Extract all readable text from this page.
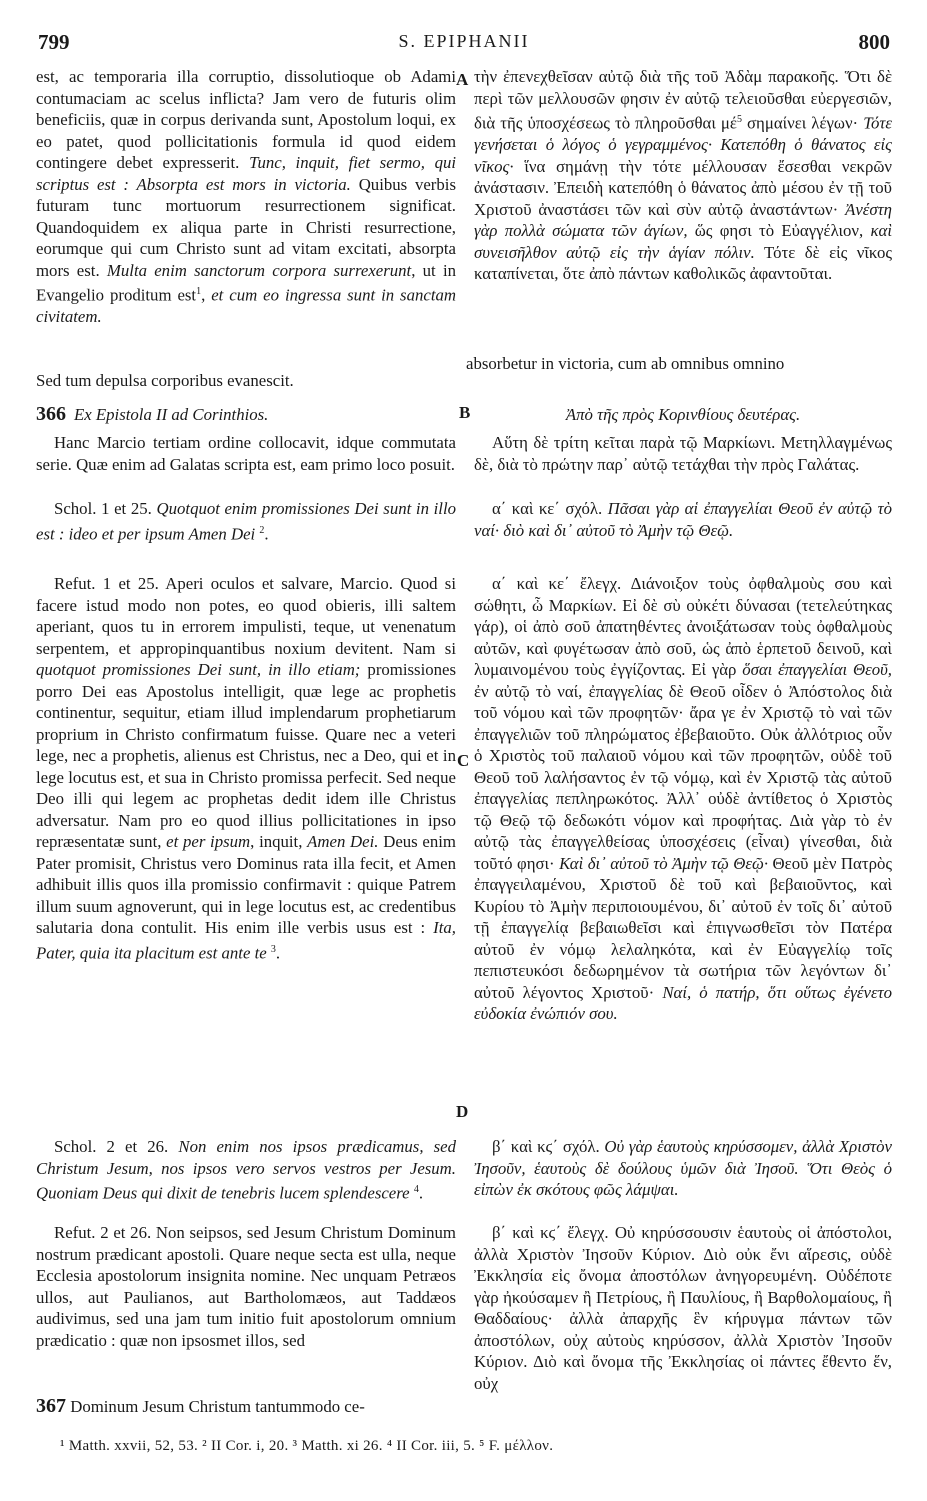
799	S. EPIPHANII	800
A
B
C
D

est, ac temporaria illa corruptio, dissolutioque ob Adami contumaciam ac scelus inflicta? Jam vero de futuris olim beneficiis, quæ in corpus derivanda sunt, Apostolum loqui, ex eo patet, quod pollicitationis formula id quod eidem contingere debet expresserit. Tunc, inquit, fiet sermo, qui scriptus est : Absorpta est mors in victoria. Quibus verbis futuram tunc mortuorum resurrectionem significat. Quandoquidem ex aliqua parte in Christi resurrectione, eorumque qui cum Christo sunt ad vitam excitati, absorpta mors est. Multa enim sanctorum corpora surrexerunt, ut in Evangelio proditum est$^1$, et cum eo ingressa sunt in sanctam civitatem.

Sed tum depulsa corporibus evanescit.

366 Ex Epistola II ad Corinthios.

Hanc Marcio tertiam ordine collocavit, idque commutata serie. Quæ enim ad Galatas scripta est, eam primo loco posuit.

Schol. 1 et 25. Quotquot enim promissiones Dei sunt in illo est : ideo et per ipsum Amen Dei $^2$.

Refut. 1 et 25. Aperi oculos et salvare, Marcio. Quod si facere istud modo non potes, eo quod obieris, illi saltem aperiant, quos tu in errorem impulisti, teque, ut venenatum serpentem, et appropinquantibus noxium devitent. Nam si quotquot promissiones Dei sunt, in illo etiam; promissiones porro Dei eas Apostolus intelligit, quæ lege ac prophetis continentur, sequitur, etiam illud implendarum prophetiarum proprium in Christo confirmatum fuisse. Quare nec a veteri lege, nec a prophetis, alienus est Christus, nec a Deo, qui et in lege locutus est, et sua in Christo promissa perfecit. Sed neque Deo illi qui legem ac prophetas dedit idem ille Christus adversatur. Nam pro eo quod illius pollicitationes in ipso repræsentatæ sunt, et per ipsum, inquit, Amen Dei. Deus enim Pater promisit, Christus vero Dominus rata illa fecit, et Amen adhibuit illis quos illa promissio confirmavit : quique Patrem illum suum agnoverunt, qui in lege locutus est, ac credentibus salutaria dona contulit. His enim ille verbis usus est : Ita, Pater, quia ita placitum est ante te $^3$.

Schol. 2 et 26. Non enim nos ipsos prædicamus, sed Christum Jesum, nos ipsos vero servos vestros per Jesum. Quoniam Deus qui dixit de tenebris lucem splendescere $^4$.

Refut. 2 et 26. Non seipsos, sed Jesum Christum Dominum nostrum prædicant apostoli. Quare neque secta est ulla, neque Ecclesia apostolorum insignita nomine. Nec unquam Petræos ullos, aut Paulianos, aut Bartholomæos, aut Taddæos audivimus, sed una jam tum initio fuit apostolorum omnium prædicatio : quæ non ipsosmet illos, sed

367 Dominum Jesum Christum tantummodo ce-

τὴν ἐπενεχθεῖσαν αὐτῷ διὰ τῆς τοῦ Ἀδὰμ παρακοῆς. Ὅτι δὲ περὶ τῶν μελλουσῶν φησιν ἐν αὐτῷ τελειοῦσθαι εὐεργεσιῶν, διὰ τῆς ὑποσχέσεως τὸ πληροῦσθαι $\mu έ^5$ σημαίνει λέγων· Τότε γενήσεται ὁ λόγος ὁ γεγραμμένος· Κατεπόθη ὁ θάνατος εἰς νῖκος· ἵνα σημάνῃ τὴν τότε μέλλουσαν ἔσεσθαι νεκρῶν ἀνάστασιν. Ἐπειδὴ κατεπόθη ὁ θάνατος ἀπὸ μέσου ἐν τῇ τοῦ Χριστοῦ ἀναστάσει τῶν καὶ σὺν αὐτῷ ἀναστάντων· Ἀνέστη γὰρ πολλὰ σώματα τῶν ἁγίων, ὥς φησι τὸ Εὐαγγέλιον, καὶ συνεισῆλθον αὐτῷ εἰς τὴν ἁγίαν πόλιν. Τότε δὲ εἰς νῖκος καταπίνεται, ὅτε ἀπὸ πάντων καθολικῶς ἀφαντοῦται.

Ἀπὸ τῆς πρὸς Κορινθίους δευτέρας.

Αὕτη δὲ τρίτη κεῖται παρὰ τῷ Μαρκίωνι. Μετηλλαγμένως δὲ, διὰ τὸ πρώτην παρ᾽ αὐτῷ τετάχθαι τὴν πρὸς Γαλάτας.

α΄ καὶ κε΄ σχόλ. Πᾶσαι γὰρ αἱ ἐπαγγελίαι Θεοῦ ἐν αὐτῷ τὸ ναί· διὸ καὶ δι᾽ αὐτοῦ τὸ Ἀμὴν τῷ Θεῷ.

α΄ καὶ κε΄ ἔλεγχ. Διάνοιξον τοὺς ὀφθαλμοὺς σου καὶ σώθητι, ὦ Μαρκίων. Εἰ δὲ σὺ οὐκέτι δύνασαι (τετελεύτηκας γάρ), οἱ ἀπὸ σοῦ ἀπατηθέντες ἀνοιξάτωσαν τοὺς ὀφθαλμοὺς αὐτῶν, καὶ φυγέτωσαν ἀπὸ σοῦ, ὡς ἀπὸ ἑρπετοῦ δεινοῦ, καὶ λυμαινομένου τοὺς ἐγγίζοντας. Εἰ γὰρ ὅσαι ἐπαγγελίαι Θεοῦ, ἐν αὐτῷ τὸ ναί, ἐπαγγελίας δὲ Θεοῦ οἶδεν ὁ Ἀπόστολος διὰ τοῦ νόμου καὶ τῶν προφητῶν· ἄρα γε ἐν Χριστῷ τὸ ναὶ τῶν ἐπαγγελιῶν τοῦ πληρώματος ἐβεβαιοῦτο. Οὐκ ἀλλότριος οὖν ὁ Χριστὸς τοῦ παλαιοῦ νόμου καὶ τῶν προφητῶν, οὐδὲ τοῦ Θεοῦ τοῦ λαλήσαντος ἐν τῷ νόμῳ, καὶ ἐν Χριστῷ τὰς αὐτοῦ ἐπαγγελίας πεπληρωκότος. Ἀλλ᾽ οὐδὲ ἀντίθετος ὁ Χριστὸς τῷ Θεῷ τῷ δεδωκότι νόμον καὶ προφήτας. Διὰ γὰρ τὸ ἐν αὐτῷ τὰς ἐπαγγελθείσας ὑποσχέσεις (εἶναι) γίνεσθαι, διὰ τοῦτό φησι· Καὶ δι᾽ αὐτοῦ τὸ Ἀμὴν τῷ Θεῷ· Θεοῦ μὲν Πατρὸς ἐπαγγειλαμένου, Χριστοῦ δὲ τοῦ καὶ βεβαιοῦντος, καὶ Κυρίου τὸ Ἀμὴν περιποιουμένου, δι᾽ αὐτοῦ ἐν τοῖς δι᾽ αὐτοῦ τῇ ἐπαγγελίᾳ βεβαιωθεῖσι καὶ ἐπιγνωσθεῖσι τὸν Πατέρα αὐτοῦ ἐν νόμῳ λελαληκότα, καὶ ἐν Εὐαγγελίῳ τοῖς πεπιστευκόσι δεδωρημένον τὰ σωτήρια τῶν λεγόντων δι᾽ αὐτοῦ λέγοντος Χριστοῦ· Ναί, ὁ πατήρ, ὅτι οὕτως ἐγένετο εὐδοκία ἐνώπιόν σου.

β΄ καὶ κϛ΄ σχόλ. Οὐ γὰρ ἑαυτοὺς κηρύσσομεν, ἀλλὰ Χριστὸν Ἰησοῦν, ἑαυτοὺς δὲ δούλους ὑμῶν διὰ Ἰησοῦ. Ὅτι Θεὸς ὁ εἰπὼν ἐκ σκότους φῶς λάμψαι.

β΄ καὶ κϛ΄ ἔλεγχ. Οὐ κηρύσσουσιν ἑαυτοὺς οἱ ἀπόστολοι, ἀλλὰ Χριστὸν Ἰησοῦν Κύριον. Διὸ οὐκ ἔνι αἵρεσις, οὐδὲ Ἐκκλησία εἰς ὄνομα ἀποστόλων ἀνηγορευμένη. Οὐδέποτε γὰρ ἠκούσαμεν ἢ Πετρίους, ἢ Παυλίους, ἢ Βαρθολομαίους, ἢ Θαδδαίους· ἀλλὰ ἀπαρχῆς ἓν κήρυγμα πάντων τῶν ἀποστόλων, οὐχ αὐτοὺς κηρύσσον, ἀλλὰ Χριστὸν Ἰησοῦν Κύριον. Διὸ καὶ ὄνομα τῆς Ἐκκλησίας οἱ πάντες ἔθεντο ἕν, οὐχ

absorbetur in victoria, cum ab omnibus omnino
¹ Matth. xxvii, 52, 53. ² II Cor. i, 20. ³ Matth. xi 26. ⁴ II Cor. iii, 5. ⁵ F. μέλλον.
